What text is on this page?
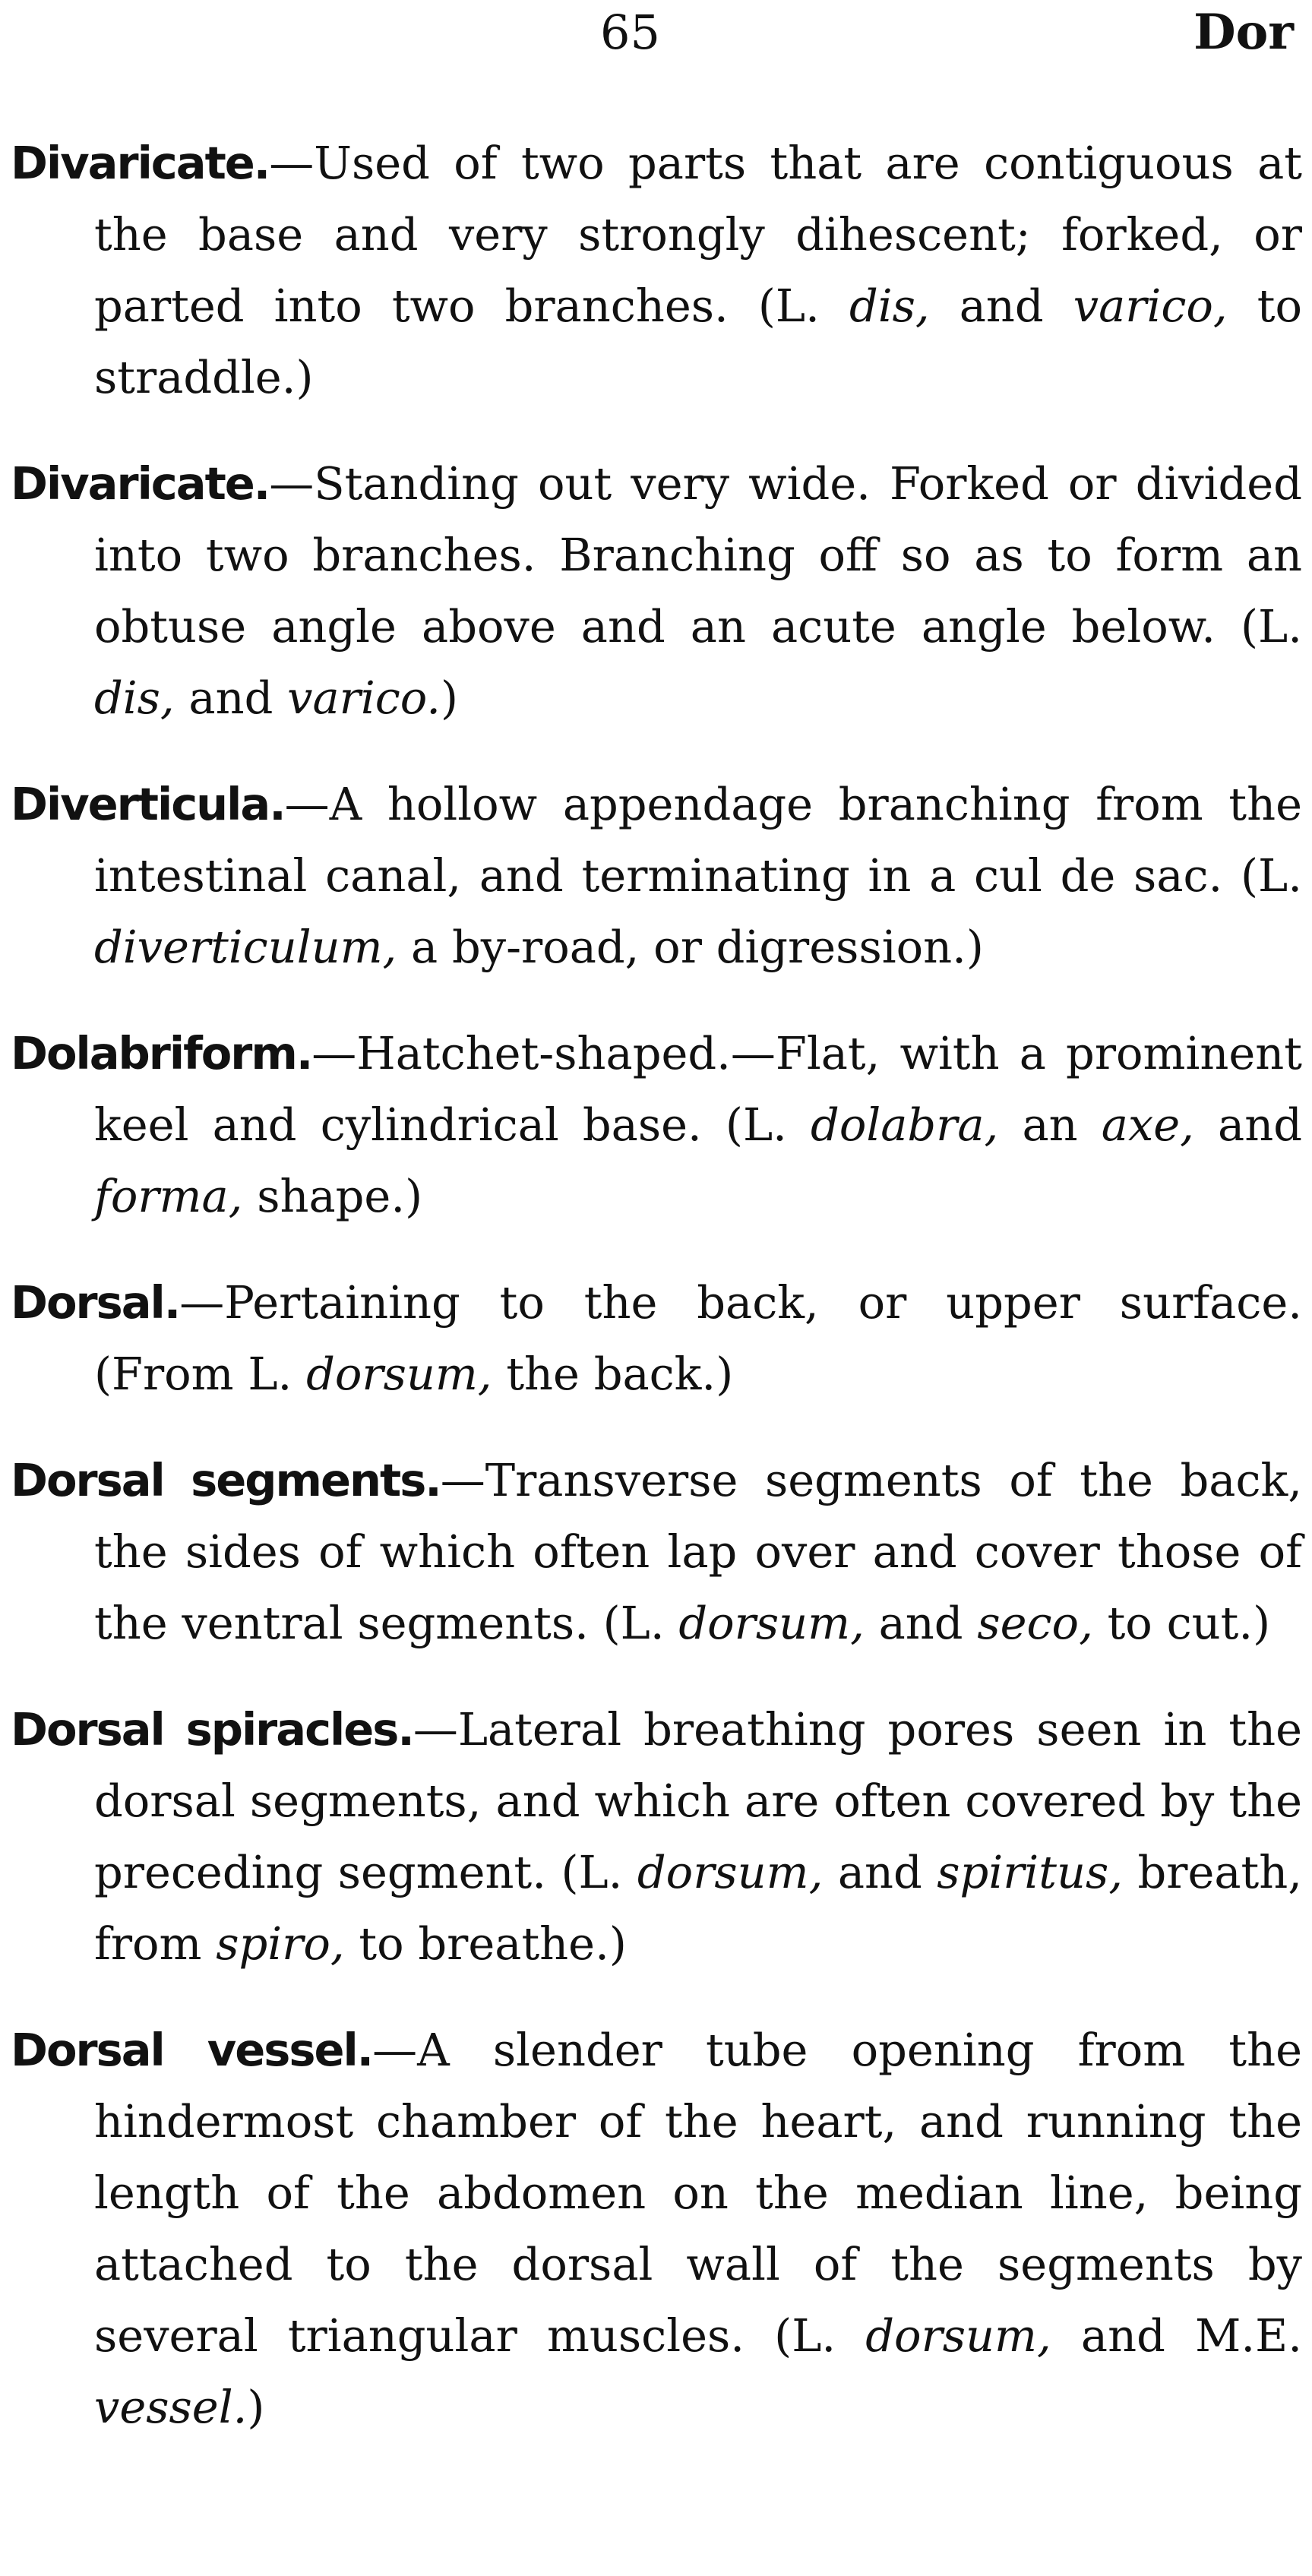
65	Dor

Divaricate.—Used of two parts that are contiguous at the base and very strongly dihescent; forked, or parted into two branches. (L. dis, and varico, to straddle.)

Divaricate.—Standing out very wide. Forked or divided into two branches. Branching off so as to form an obtuse angle above and an acute angle below. (L. dis, and varico.)

Diverticula.—A hollow appendage branching from the intestinal canal, and terminating in a cul de sac. (L. diverticulum, a by-road, or digression.)

Dolabriform.—Hatchet-shaped.—Flat, with a prominent keel and cylindrical base. (L. dolabra, an axe, and forma, shape.)

Dorsal.—Pertaining to the back, or upper surface. (From L. dorsum, the back.)

Dorsal segments.—Transverse segments of the back, the sides of which often lap over and cover those of the ventral segments. (L. dorsum, and seco, to cut.)

Dorsal spiracles.—Lateral breathing pores seen in the dorsal segments, and which are often covered by the preceding segment. (L. dorsum, and spiritus, breath, from spiro, to breathe.)

Dorsal vessel.—A slender tube opening from the hindermost chamber of the heart, and running the length of the abdomen on the median line, being attached to the dorsal wall of the segments by several triangular muscles. (L. dorsum, and M.E. vessel.)
